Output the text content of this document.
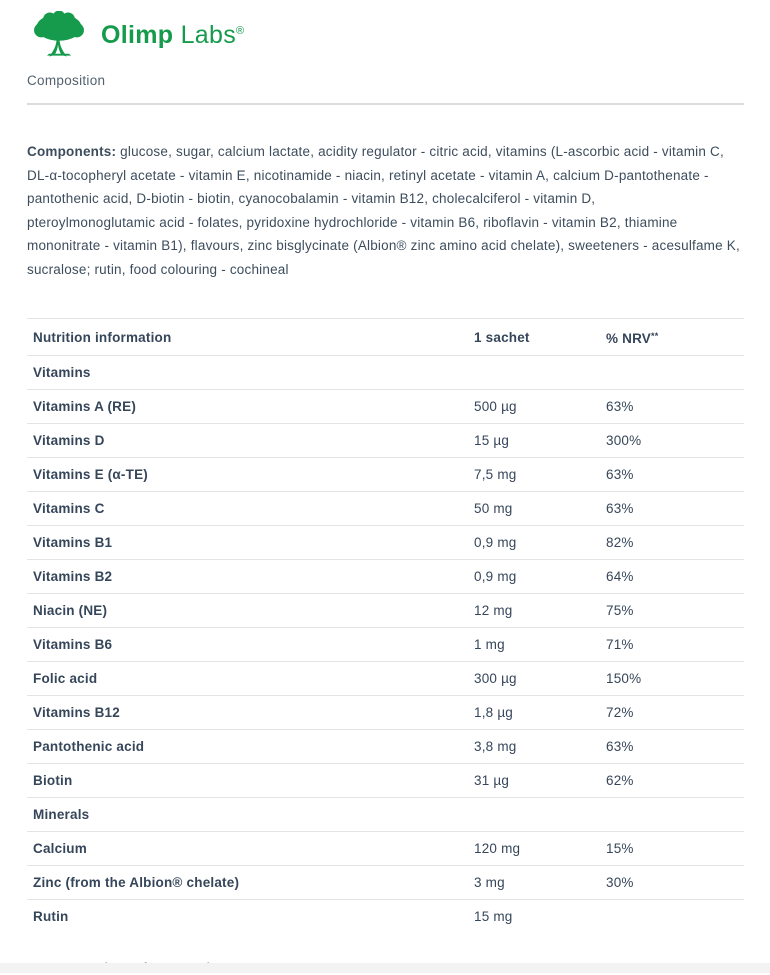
Olimp Labs®
Composition

Components: glucose, sugar, calcium lactate, acidity regulator - citric acid, vitamins (L-ascorbic acid - vitamin C, DL-α-tocopheryl acetate - vitamin E, nicotinamide - niacin, retinyl acetate - vitamin A, calcium D-pantothenate - pantothenic acid, D-biotin - biotin, cyanocobalamin - vitamin B12, cholecalciferol - vitamin D,
pteroylmonoglutamic acid - folates, pyridoxine hydrochloride - vitamin B6, riboflavin - vitamin B2, thiamine mononitrate - vitamin B1), flavours, zinc bisglycinate (Albion® zinc amino acid chelate), sweeteners - acesulfame K, sucralose; rutin, food colouring - cochineal

Nutrition information	1 sachet	% NRV**
Vitamins		
Vitamins A (RE)	500 µg	63%
Vitamins D	15 µg	300%
Vitamins E (α-TE)	7,5 mg	63%
Vitamins C	50 mg	63%
Vitamins B1	0,9 mg	82%
Vitamins B2	0,9 mg	64%
Niacin (NE)	12 mg	75%
Vitamins B6	1 mg	71%
Folic acid	300 µg	150%
Vitamins B12	1,8 µg	72%
Pantothenic acid	3,8 mg	63%
Biotin	31 µg	62%
Minerals		
Calcium	120 mg	15%
Zinc (from the Albion® chelate)	3 mg	30%
Rutin	15 mg	
